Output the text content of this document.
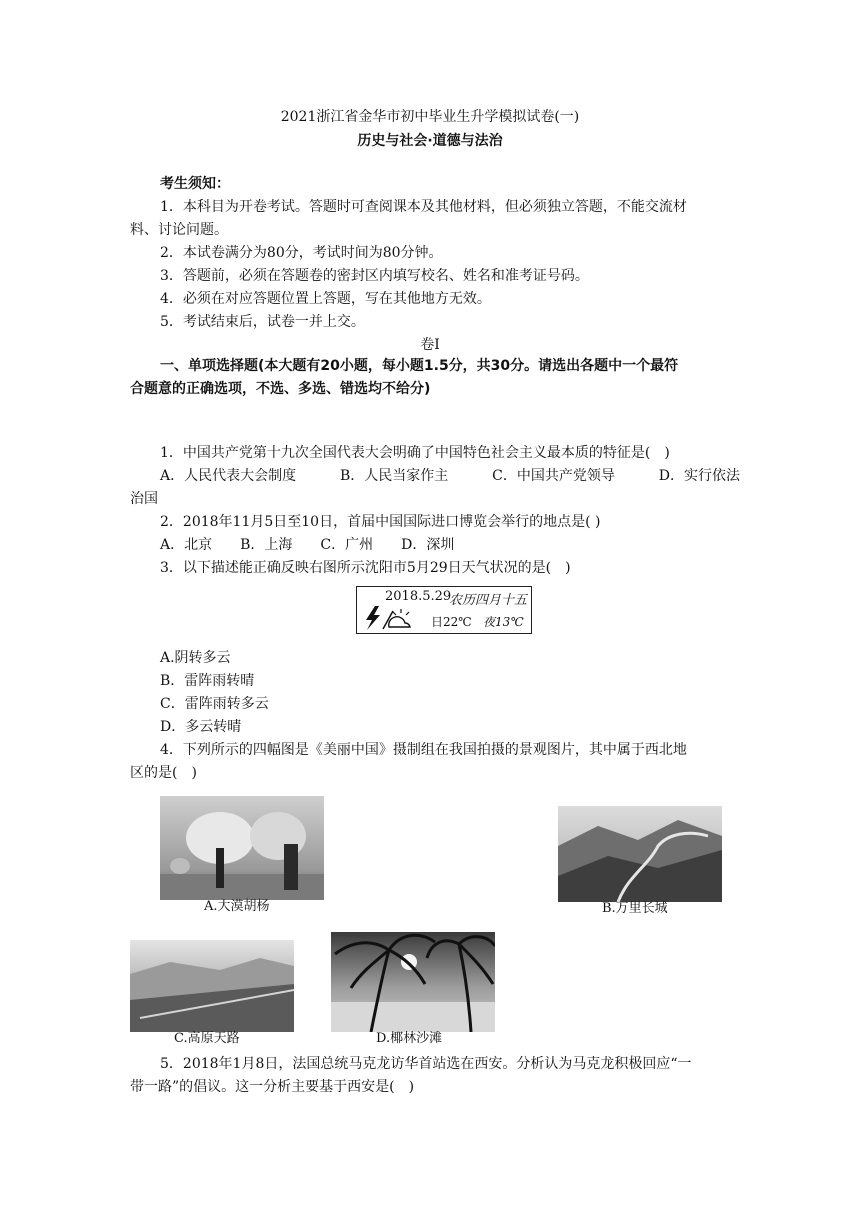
2021浙江省金华市初中毕业生升学模拟试卷(一)
历史与社会·道德与法治
考生须知：
1．本科目为开卷考试。答题时可查阅课本及其他材料，但必须独立答题，不能交流材
料、讨论问题。
2．本试卷满分为80分，考试时间为80分钟。
3．答题前，必须在答题卷的密封区内填写校名、姓名和准考证号码。
4．必须在对应答题位置上答题，写在其他地方无效。
5．考试结束后，试卷一并上交。
卷Ⅰ
一、单项选择题(本大题有20小题，每小题1.5分，共30分。请选出各题中一个最符
合题意的正确选项，不选、多选、错选均不给分)
1．中国共产党第十九次全国代表大会明确了中国特色社会主义最本质的特征是(　)
A．人民代表大会制度	B．人民当家作主	C．中国共产党领导	D．实行依法
治国
2．2018年11月5日至10日，首届中国国际进口博览会举行的地点是( )
A．北京 B．上海 C．广州 D．深圳
3．以下描述能正确反映右图所示沈阳市5月29日天气状况的是(　)
2018.5.29
农历四月十五
日22℃ 夜13℃
A.阴转多云
B．雷阵雨转晴
C．雷阵雨转多云
D．多云转晴
4．下列所示的四幅图是《美丽中国》摄制组在我国拍摄的景观图片，其中属于西北地
区的是(　)
A.大漠胡杨	B.万里长城
C.高原天路	D.椰林沙滩
5．2018年1月8日，法国总统马克龙访华首站选在西安。分析认为马克龙积极回应“一
带一路”的倡议。这一分析主要基于西安是(　)
